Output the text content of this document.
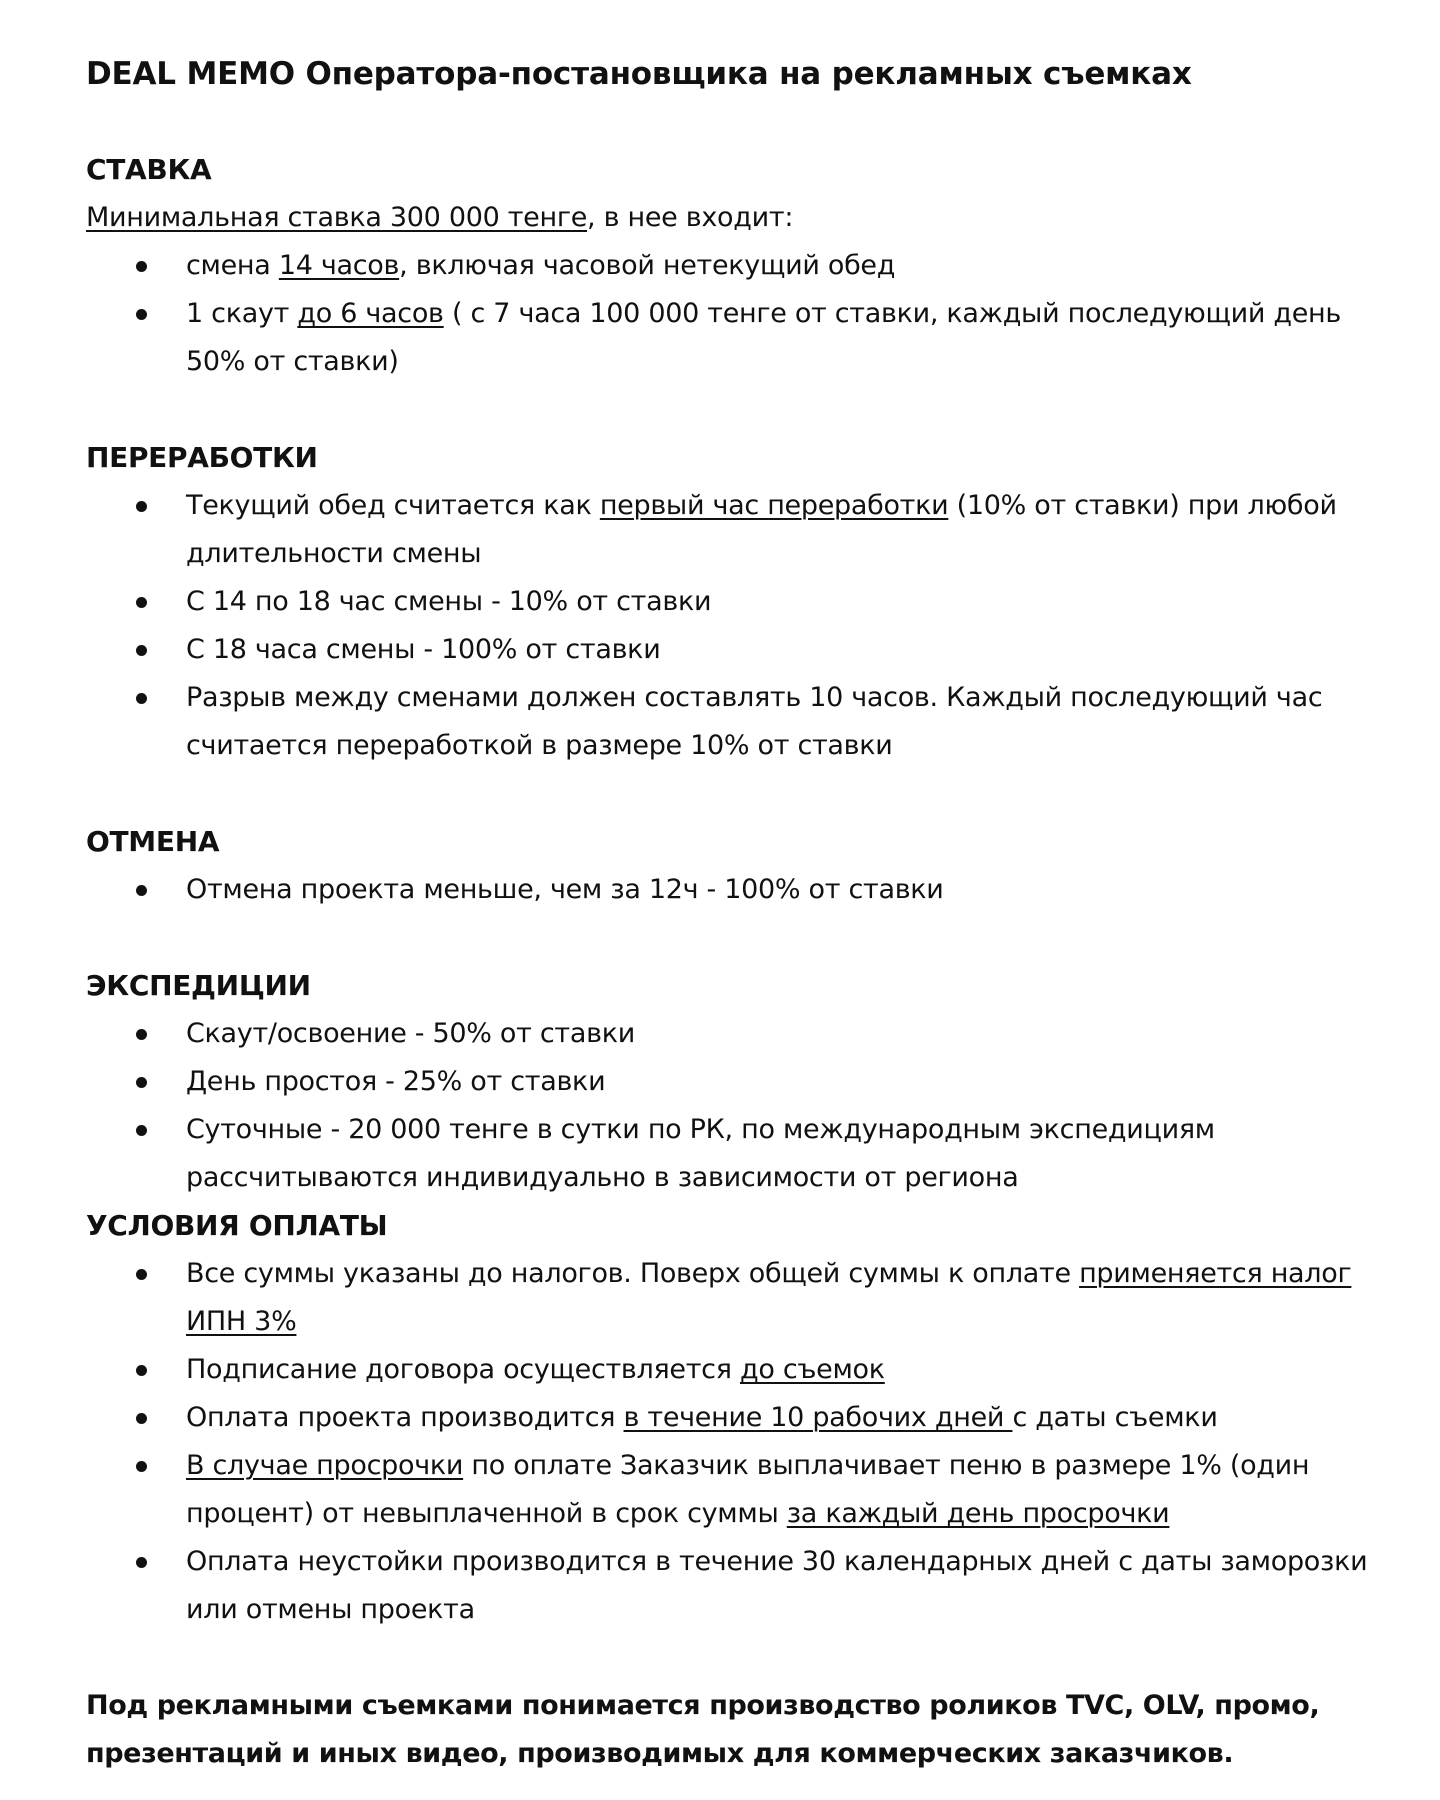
DEAL MEMO Оператора-постановщика на рекламных съемках
СТАВКА

Минимальная ставка 300 000 тенге, в нее входит:

смена 14 часов, включая часовой нетекущий обед
1 скаут до 6 часов ( с 7 часа 100 000 тенге от ставки, каждый последующий день 50% от ставки)
ПЕРЕРАБОТКИ
Текущий обед считается как первый час переработки (10% от ставки) при любой длительности смены
С 14 по 18 час смены - 10% от ставки
С 18 часа смены - 100% от ставки
Разрыв между сменами должен составлять 10 часов. Каждый последующий час считается переработкой в размере 10% от ставки
ОТМЕНА
Отмена проекта меньше, чем за 12ч - 100% от ставки
ЭКСПЕДИЦИИ
Скаут/освоение - 50% от ставки
День простоя - 25% от ставки
Суточные - 20 000 тенге в сутки по РК, по международным экспедициям рассчитываются индивидуально в зависимости от региона
УСЛОВИЯ ОПЛАТЫ
Все суммы указаны до налогов. Поверх общей суммы к оплате применяется налог ИПН 3%
Подписание договора осуществляется до съемок
Оплата проекта производится в течение 10 рабочих дней с даты съемки
В случае просрочки по оплате Заказчик выплачивает пеню в размере 1% (один процент) от невыплаченной в срок суммы за каждый день просрочки
Оплата неустойки производится в течение 30 календарных дней с даты заморозки или отмены проекта

Под рекламными съемками понимается производство роликов TVC, OLV, промо, презентаций и иных видео, производимых для коммерческих заказчиков.
